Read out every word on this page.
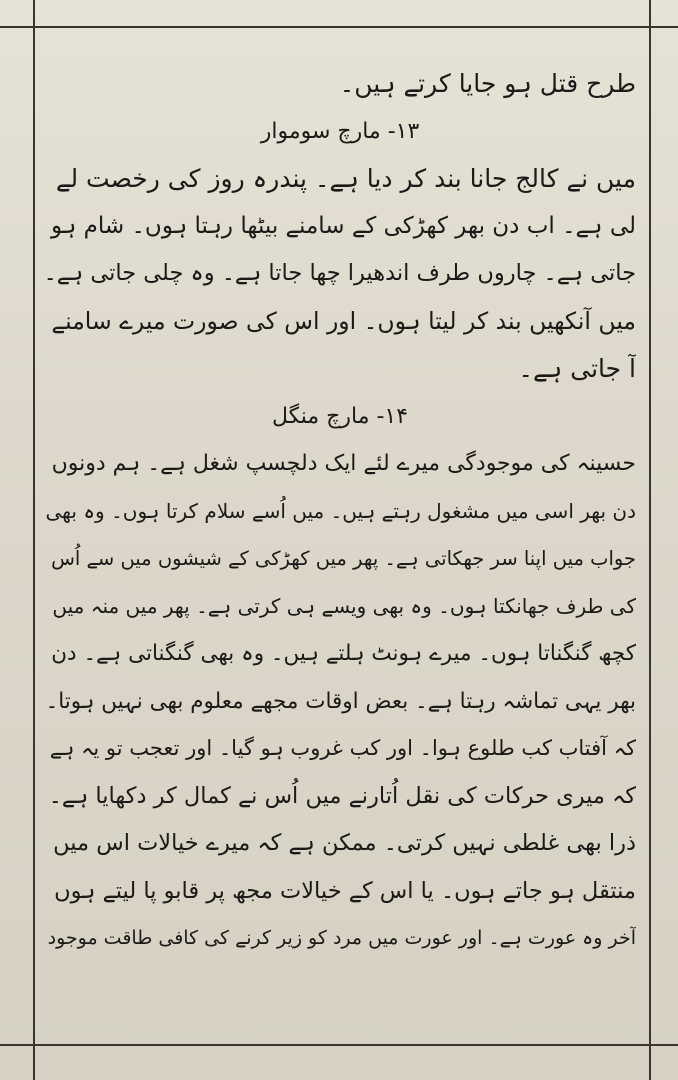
طرح قتل ہو جایا کرتے ہیں۔
۱۳- مارچ سوموار
میں نے کالج جانا بند کر دیا ہے۔ پندرہ روز کی رخصت لے
لی ہے۔ اب دن بھر کھڑکی کے سامنے بیٹھا رہتا ہوں۔ شام ہو
جاتی ہے۔ چاروں طرف اندھیرا چھا جاتا ہے۔ وہ چلی جاتی ہے۔
میں آنکھیں بند کر لیتا ہوں۔ اور اس کی صورت میرے سامنے
آ جاتی ہے۔
۱۴- مارچ منگل
حسینہ کی موجودگی میرے لئے ایک دلچسپ شغل ہے۔ ہم دونوں
دن بھر اسی میں مشغول رہتے ہیں۔ میں اُسے سلام کرتا ہوں۔ وہ بھی
جواب میں اپنا سر جھکاتی ہے۔ پھر میں کھڑکی کے شیشوں میں سے اُس
کی طرف جھانکتا ہوں۔ وہ بھی ویسے ہی کرتی ہے۔ پھر میں منہ میں
کچھ گنگناتا ہوں۔ میرے ہونٹ ہلتے ہیں۔ وہ بھی گنگناتی ہے۔ دن
بھر یہی تماشہ رہتا ہے۔ بعض اوقات مجھے معلوم بھی نہیں ہوتا۔
کہ آفتاب کب طلوع ہوا۔ اور کب غروب ہو گیا۔ اور تعجب تو یہ ہے
کہ میری حرکات کی نقل اُتارنے میں اُس نے کمال کر دکھایا ہے۔
ذرا بھی غلطی نہیں کرتی۔ ممکن ہے کہ میرے خیالات اس میں
منتقل ہو جاتے ہوں۔ یا اس کے خیالات مجھ پر قابو پا لیتے ہوں
آخر وہ عورت ہے۔ اور عورت میں مرد کو زیر کرنے کی کافی طاقت موجود
